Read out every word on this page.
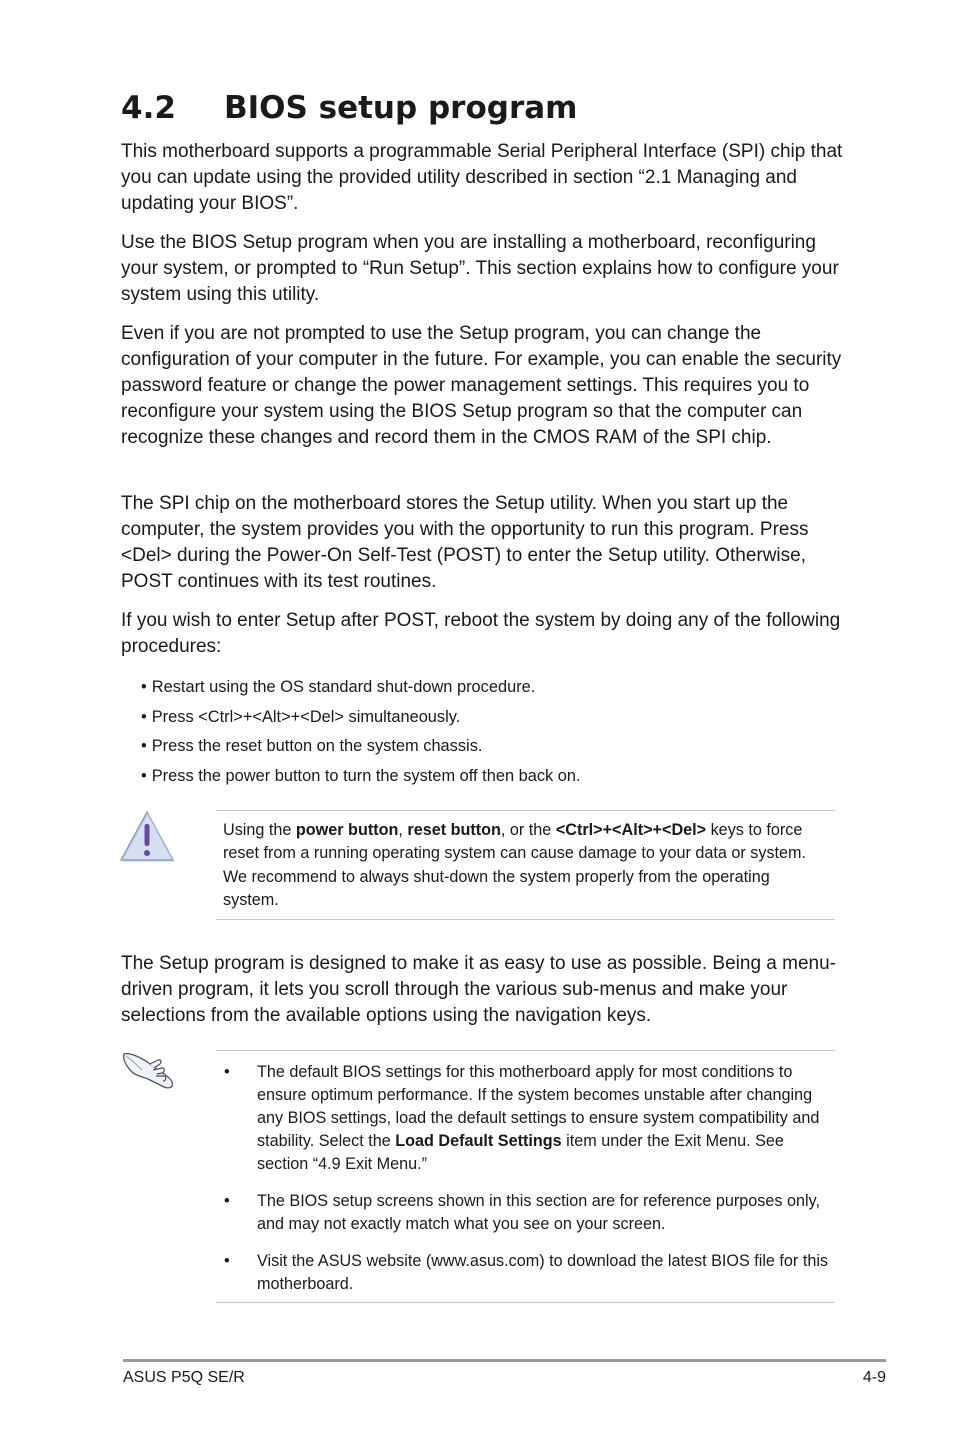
4.2 BIOS setup program

This motherboard supports a programmable Serial Peripheral Interface (SPI) chip that you can update using the provided utility described in section “2.1 Managing and updating your BIOS”.

Use the BIOS Setup program when you are installing a motherboard, reconfiguring your system, or prompted to “Run Setup”. This section explains how to configure your system using this utility.

Even if you are not prompted to use the Setup program, you can change the configuration of your computer in the future. For example, you can enable the security password feature or change the power management settings. This requires you to reconfigure your system using the BIOS Setup program so that the computer can recognize these changes and record them in the CMOS RAM of the SPI chip.

The SPI chip on the motherboard stores the Setup utility. When you start up the computer, the system provides you with the opportunity to run this program. Press <Del> during the Power-On Self-Test (POST) to enter the Setup utility. Otherwise, POST continues with its test routines.

If you wish to enter Setup after POST, reboot the system by doing any of the following procedures:

• Restart using the OS standard shut-down procedure.
• Press <Ctrl>+<Alt>+<Del> simultaneously.
• Press the reset button on the system chassis.
• Press the power button to turn the system off then back on.
Using the power button, reset button, or the <Ctrl>+<Alt>+<Del> keys to force reset from a running operating system can cause damage to your data or system. We recommend to always shut-down the system properly from the operating system.

The Setup program is designed to make it as easy to use as possible. Being a menu-driven program, it lets you scroll through the various sub-menus and make your selections from the available options using the navigation keys.

• The default BIOS settings for this motherboard apply for most conditions to ensure optimum performance. If the system becomes unstable after changing any BIOS settings, load the default settings to ensure system compatibility and stability. Select the Load Default Settings item under the Exit Menu. See section “4.9 Exit Menu.”
• The BIOS setup screens shown in this section are for reference purposes only, and may not exactly match what you see on your screen.
• Visit the ASUS website (www.asus.com) to download the latest BIOS file for this motherboard.
ASUS P5Q SE/R	4-9
